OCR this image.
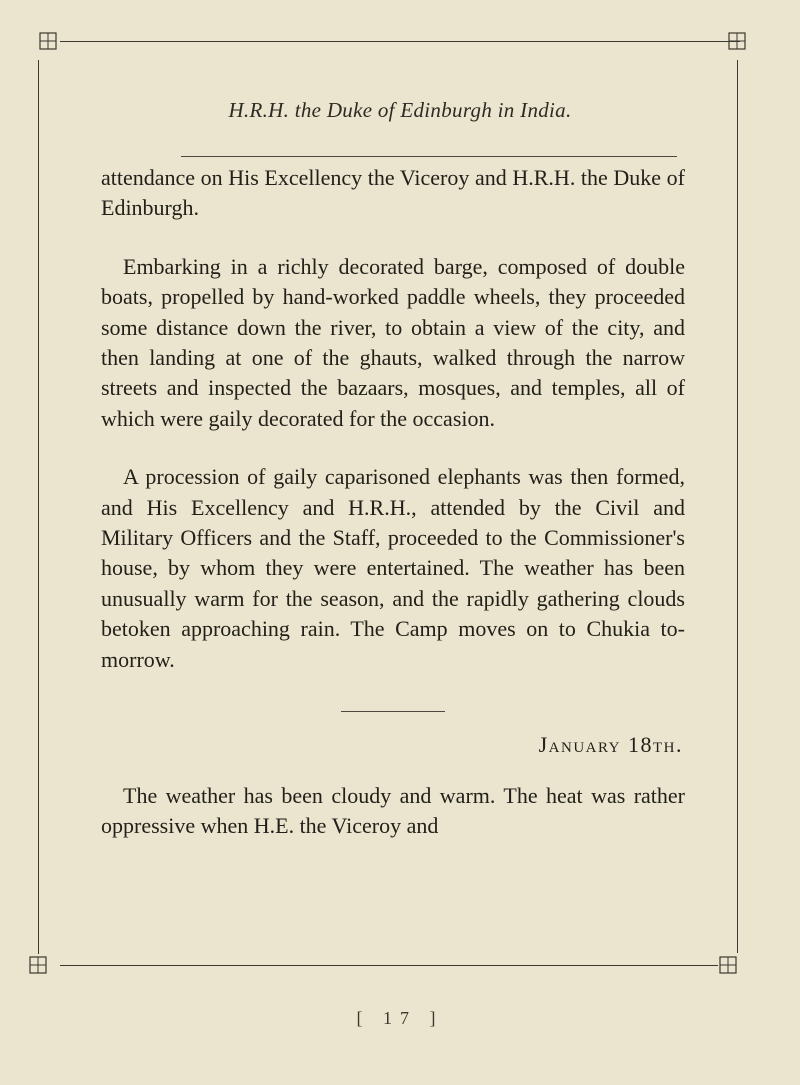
H.R.H. the Duke of Edinburgh in India.

attendance on His Excellency the Viceroy and H.R.H. the Duke of Edinburgh.

Embarking in a richly decorated barge, composed of double boats, propelled by hand-worked paddle wheels, they proceeded some distance down the river, to obtain a view of the city, and then landing at one of the ghauts, walked through the narrow streets and inspected the bazaars, mosques, and temples, all of which were gaily decorated for the occasion.

A procession of gaily caparisoned elephants was then formed, and His Excellency and H.R.H., attended by the Civil and Military Officers and the Staff, proceeded to the Commissioner's house, by whom they were entertained. The weather has been unusually warm for the season, and the rapidly gathering clouds betoken approaching rain. The Camp moves on to Chukia to-morrow.

January 18th.

The weather has been cloudy and warm. The heat was rather oppressive when H.E. the Viceroy and

[ 17 ]
